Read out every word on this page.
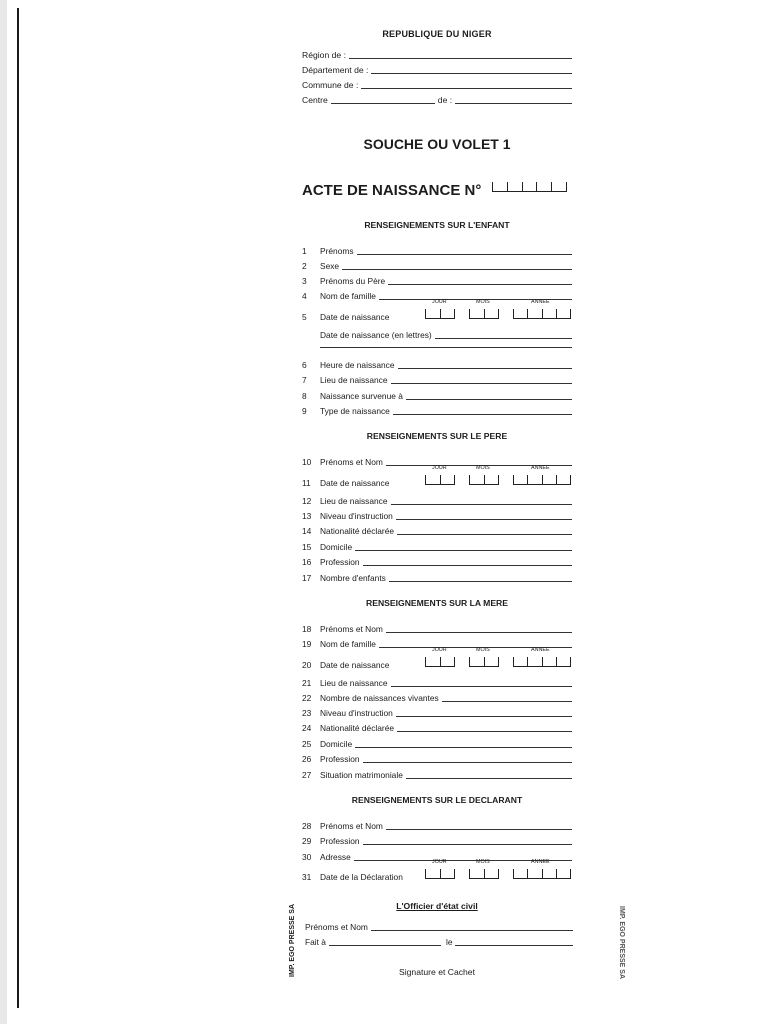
REPUBLIQUE DU NIGER
Région de :
Département de :
Commune de :
Centre	de :
SOUCHE OU VOLET 1
ACTE DE NAISSANCE N°
RENSEIGNEMENTS SUR L'ENFANT
RENSEIGNEMENTS SUR LE PERE
RENSEIGNEMENTS SUR LA MERE
RENSEIGNEMENTS SUR LE DECLARANT
1	Prénoms
2	Sexe
3	Prénoms du Père
4	Nom de famille
5	Date de naissance
JOUR	MOIS	ANNEE
Date de naissance (en lettres)
6	Heure de naissance
7	Lieu de naissance
8	Naissance survenue à
9	Type de naissance
10	Prénoms et Nom
11	Date de naissance
JOUR	MOIS	ANNEE
12	Lieu de naissance
13	Niveau d'instruction
14	Nationalité déclarée
15	Domicile
16	Profession
17	Nombre d'enfants
18	Prénoms et Nom
19	Nom de famille
20	Date de naissance
JOUR	MOIS	ANNEE
21	Lieu de naissance
22	Nombre de naissances vivantes
23	Niveau d'instruction
24	Nationalité déclarée
25	Domicile
26	Profession
27	Situation matrimoniale
28	Prénoms et Nom
29	Profession
30	Adresse
31	Date de la Déclaration
JOUR	MOIS	ANNEE
L'Officier d'état civil
Prénoms et Nom
Fait à	le
Signature et Cachet
IMP. EGO PRESSE SA	IMP. EGO PRESSE SA
